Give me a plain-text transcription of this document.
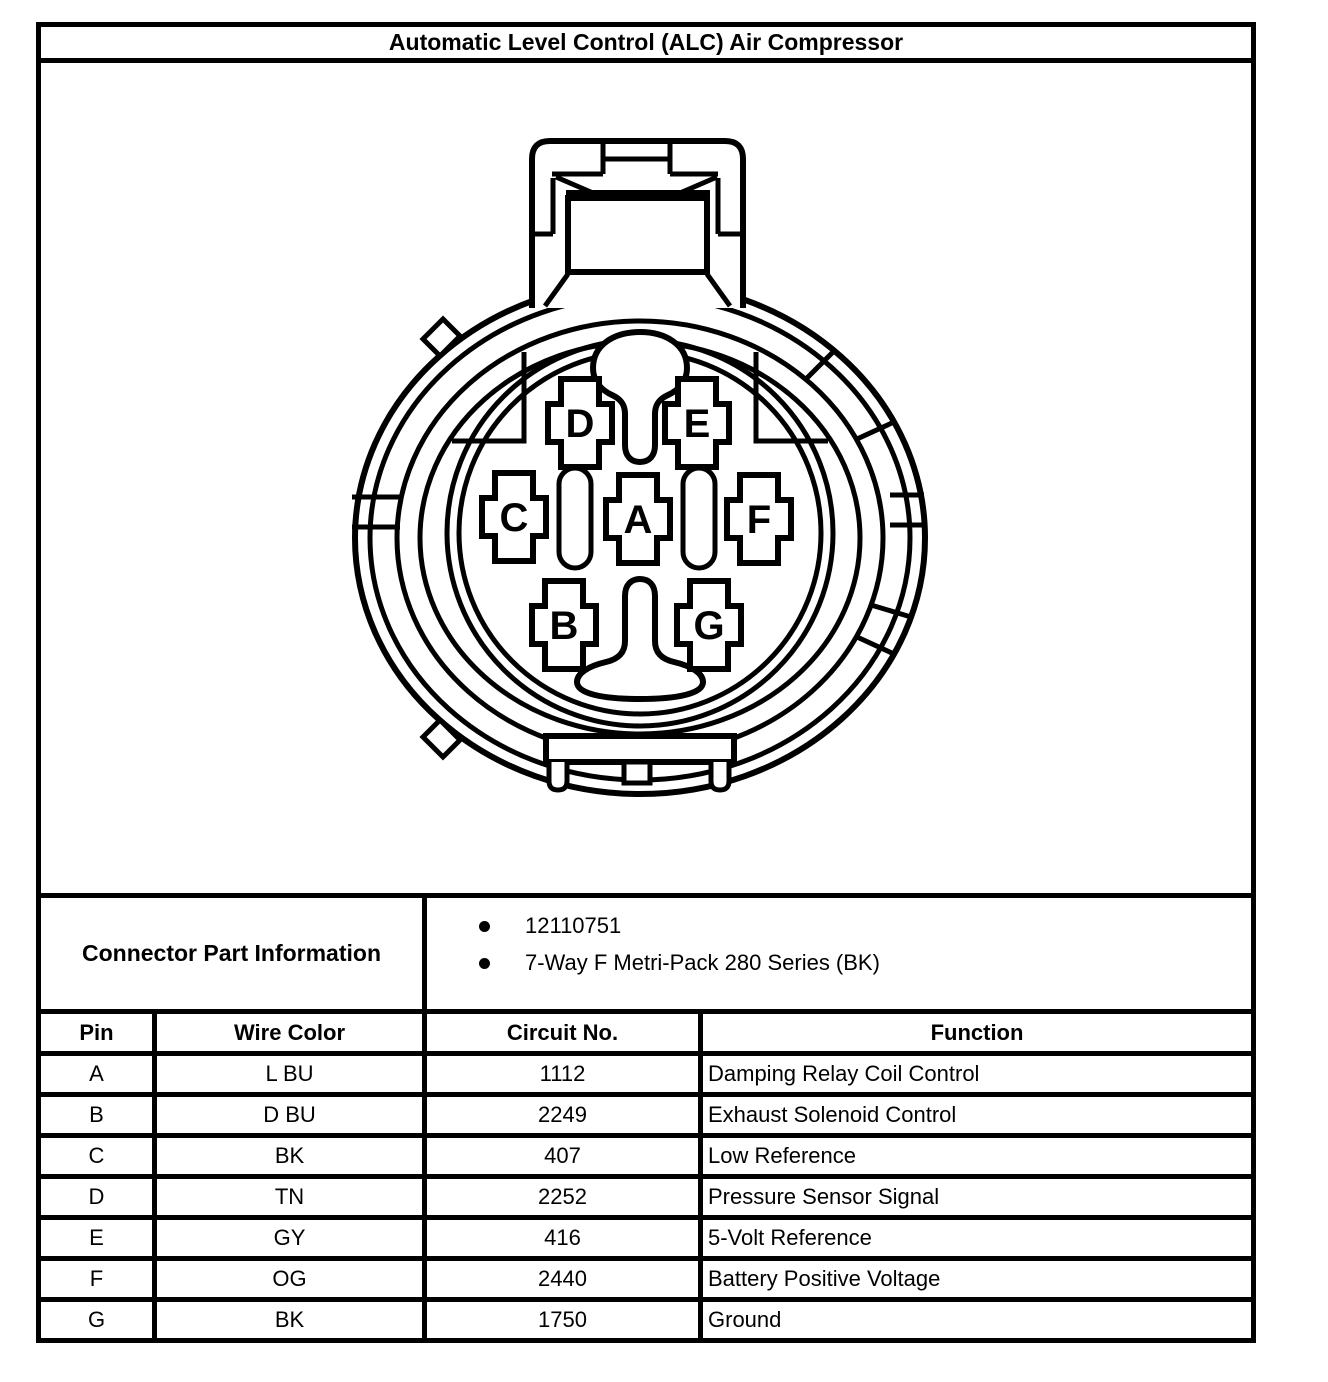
Automatic Level Control (ALC) Air Compressor
D E
C A F
B	G
Connector Part Information
12110751
7-Way F Metri-Pack 280 Series (BK)
Pin	Wire Color	Circuit No.	Function
A	L BU	1112	Damping Relay Coil Control
B	D BU	2249	Exhaust Solenoid Control
C	BK	407	Low Reference
D	TN	2252	Pressure Sensor Signal
E	GY	416	5-Volt Reference
F	OG	2440	Battery Positive Voltage
G	BK	1750	Ground
